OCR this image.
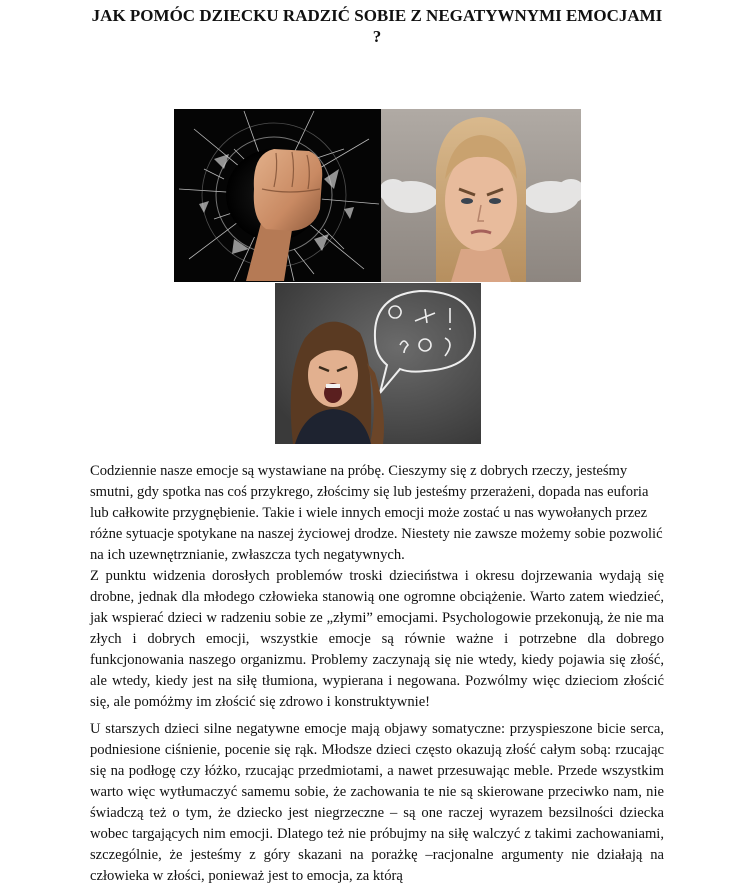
JAK POMÓC DZIECKU RADZIĆ SOBIE Z NEGATYWNYMI EMOCJAMI ?

Codziennie nasze emocje są wystawiane na próbę. Cieszymy się z dobrych rzeczy, jesteśmy smutni, gdy spotka nas coś przykrego, złościmy się lub jesteśmy przerażeni, dopada nas euforia lub całkowite przygnębienie. Takie i wiele innych emocji może zostać u nas wywołanych przez różne sytuacje spotykane na naszej życiowej drodze. Niestety nie zawsze możemy sobie pozwolić na ich uzewnętrznianie, zwłaszcza tych negatywnych.

Z punktu widzenia dorosłych problemów troski dzieciństwa i okresu dojrzewania wydają się drobne, jednak dla młodego człowieka stanowią one ogromne obciążenie. Warto zatem wiedzieć, jak wspierać dzieci w radzeniu sobie ze „złymi” emocjami. Psychologowie przekonują, że nie ma złych i dobrych emocji, wszystkie emocje są równie ważne i potrzebne dla dobrego funkcjonowania naszego organizmu. Problemy zaczynają się nie wtedy, kiedy pojawia się złość, ale wtedy, kiedy jest na siłę tłumiona, wypierana i negowana. Pozwólmy więc dzieciom złościć się, ale pomóżmy im złościć się zdrowo i konstruktywnie!

U starszych dzieci silne negatywne emocje mają objawy somatyczne: przyspieszone bicie serca, podniesione ciśnienie, pocenie się rąk. Młodsze dzieci często okazują złość całym sobą: rzucając się na podłogę czy łóżko, rzucając przedmiotami, a nawet przesuwając meble. Przede wszystkim warto więc wytłumaczyć samemu sobie, że zachowania te nie są skierowane przeciwko nam, nie świadczą też o tym, że dziecko jest niegrzeczne – są one raczej wyrazem bezsilności dziecka wobec targających nim emocji. Dlatego też nie próbujmy na siłę walczyć z takimi zachowaniami, szczególnie, że jesteśmy z góry skazani na porażkę –racjonalne argumenty nie działają na człowieka w złości, ponieważ jest to emocja, za którą
